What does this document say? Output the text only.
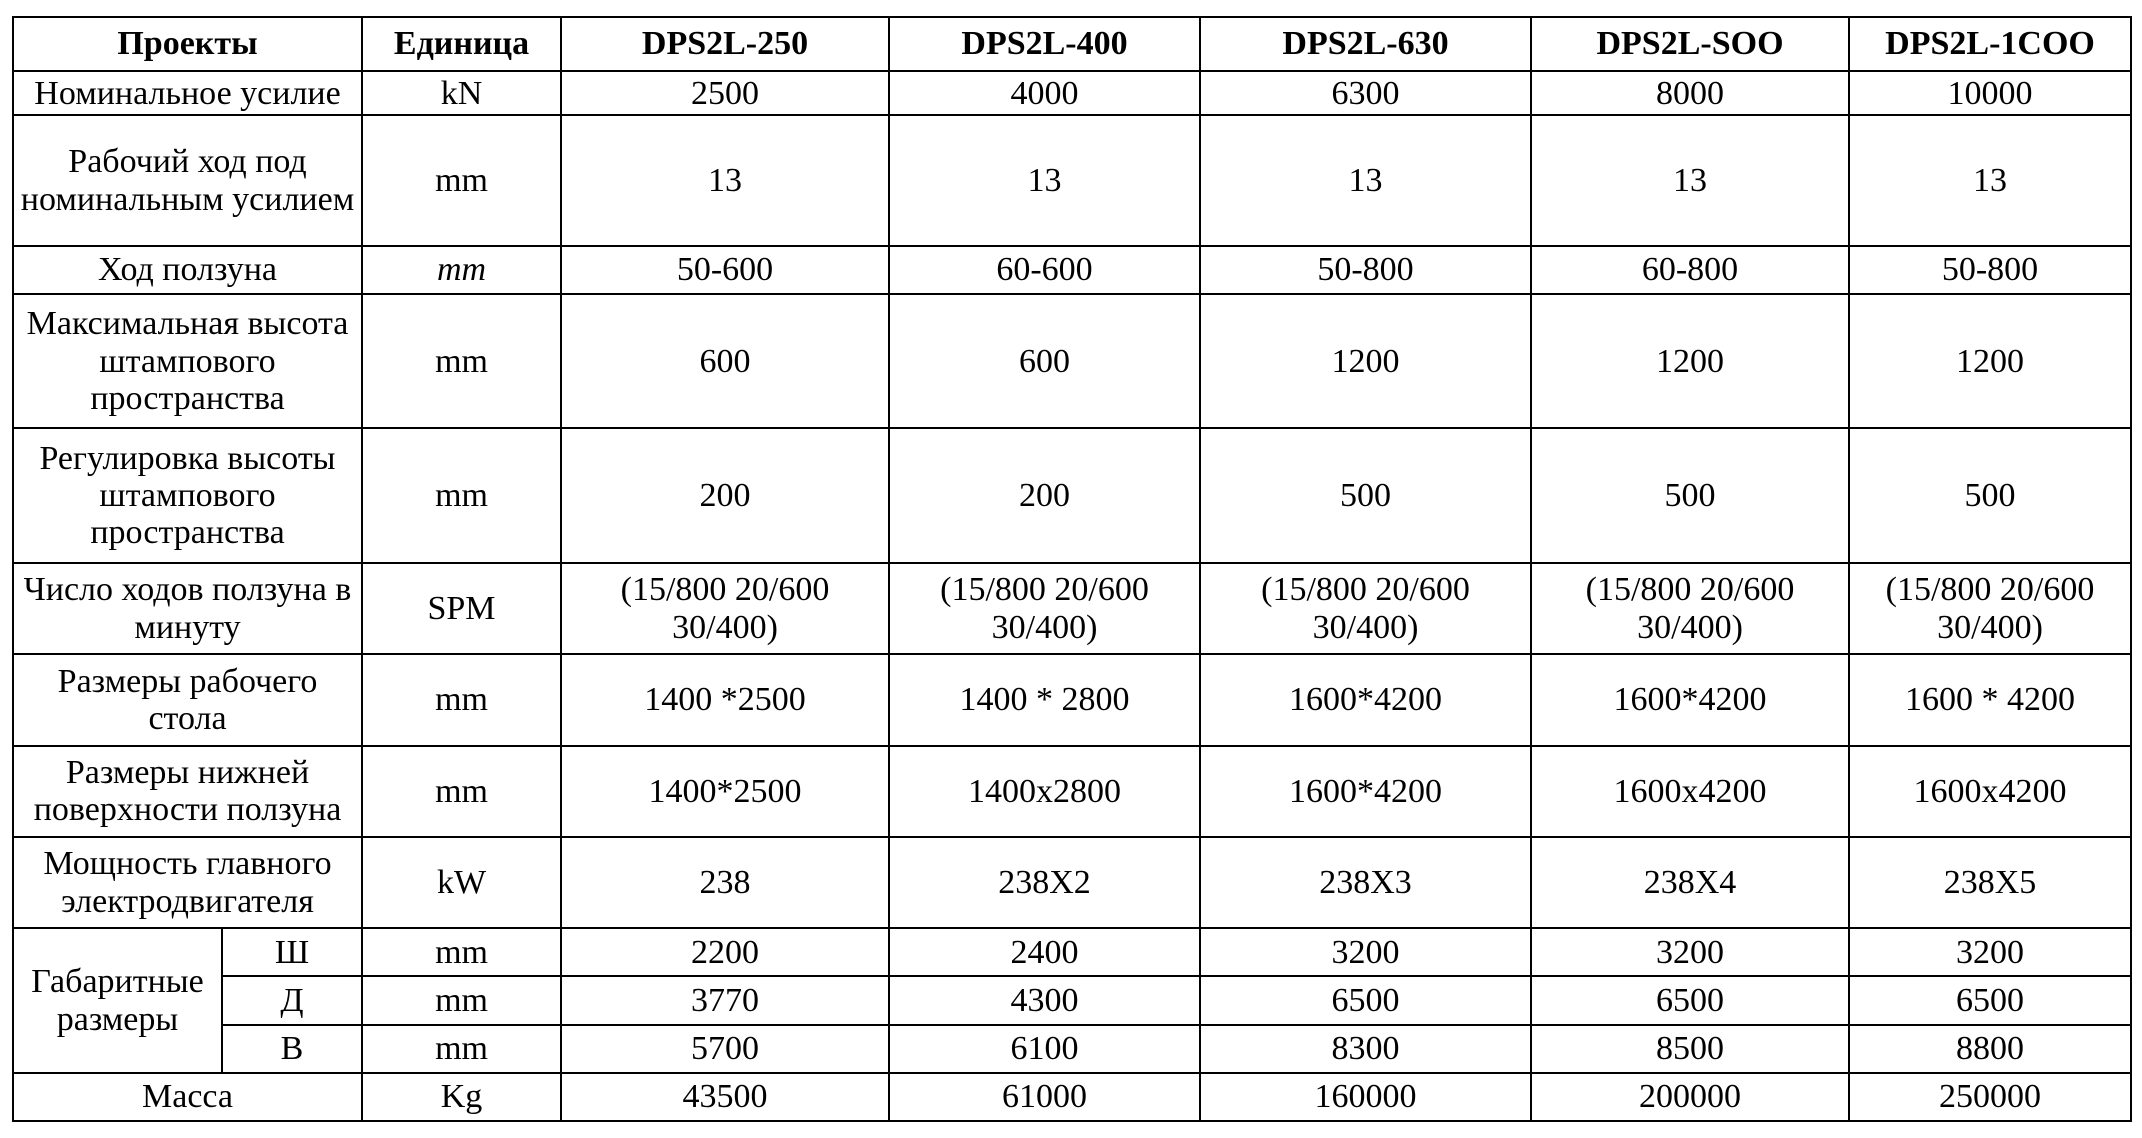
Проекты		Единица	DPS2L-250	DPS2L-400	DPS2L-630	DPS2L-SOO	DPS2L-1COO
Номинальное усилие		kN	2500	4000	6300	8000	10000
Рабочий ход под номинальным усилием		mm	13	13	13	13	13
Ход ползуна		mm	50-600	60-600	50-800	60-800	50-800
Максимальная высота штампового пространства		mm	600	600	1200	1200	1200
Регулировка высоты штампового пространства		mm	200	200	500	500	500
Число ходов ползуна в минуту		SPM	(15/800 20/600 30/400)	(15/800 20/600 30/400)	(15/800 20/600 30/400)	(15/800 20/600 30/400)	(15/800 20/600 30/400)
Размеры рабочего стола		mm	1400 *2500	1400 * 2800	1600*4200	1600*4200	1600 * 4200
Размеры нижней поверхности ползуна		mm	1400*2500	1400x2800	1600*4200	1600x4200	1600x4200
Мощность главного электродвигателя		kW	238	238X2	238X3	238X4	238X5
Габаритные размеры	Ш	mm	2200	2400	3200	3200	3200
	Д	mm	3770	4300	6500	6500	6500
	В	mm	5700	6100	8300	8500	8800
Масса		Kg	43500	61000	160000	200000	250000
